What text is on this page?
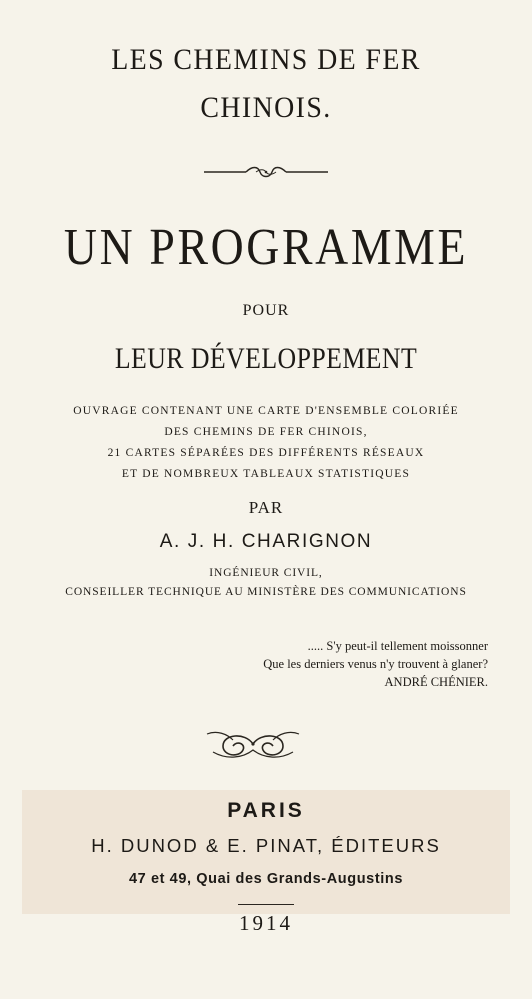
LES CHEMINS DE FER
CHINOIS.
UN PROGRAMME
POUR
LEUR DÉVELOPPEMENT
OUVRAGE CONTENANT UNE CARTE D'ENSEMBLE COLORIÉE
DES CHEMINS DE FER CHINOIS,
21 CARTES SÉPARÉES DES DIFFÉRENTS RÉSEAUX
ET DE NOMBREUX TABLEAUX STATISTIQUES
PAR
A. J. H. CHARIGNON
INGÉNIEUR CIVIL,
CONSEILLER TECHNIQUE AU MINISTÈRE DES COMMUNICATIONS
..... S'y peut-il tellement moissonner
Que les derniers venus n'y trouvent à glaner?
ANDRÉ CHÉNIER.
PARIS
H. DUNOD & E. PINAT, ÉDITEURS
47 et 49, Quai des Grands-Augustins
1914
